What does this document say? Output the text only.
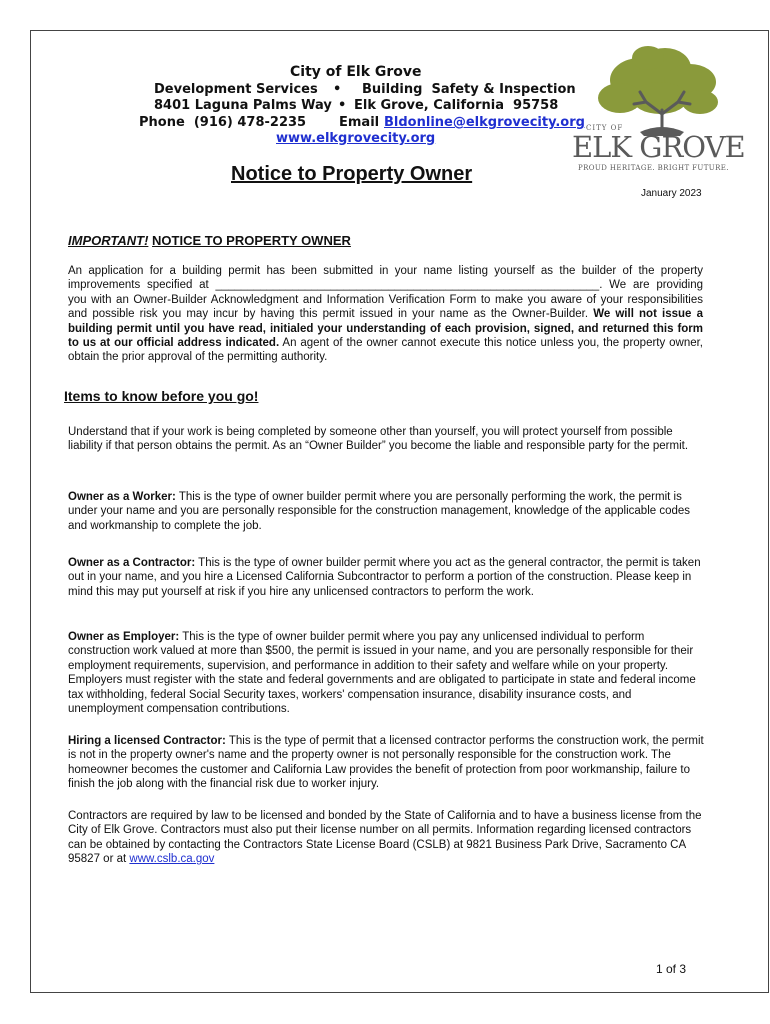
City of Elk Grove
Development Services • Building  Safety & Inspection
8401 Laguna Palms Way • Elk Grove, California  95758
Phone  (916) 478-2235	Email Bldonline@elkgrovecity.org
www.elkgrovecity.org
CITY OF
ELK GROVE
PROUD HERITAGE. BRIGHT FUTURE.
Notice to Property Owner
January 2023
IMPORTANT! NOTICE TO PROPERTY OWNER
An application for a building permit has been submitted in your name listing yourself as the builder of the property improvements specified at ____________________________________________________________. We are providing you with an Owner-Builder Acknowledgment and Information Verification Form to make you aware of your responsibilities and possible risk you may incur by having this permit issued in your name as the Owner-Builder. We will not issue a building permit until you have read, initialed your understanding of each provision, signed, and returned this form to us at our official address indicated. An agent of the owner cannot execute this notice unless you, the property owner, obtain the prior approval of the permitting authority.
Items to know before you go!
Understand that if your work is being completed by someone other than yourself, you will protect yourself from possible liability if that person obtains the permit. As an “Owner Builder” you become the liable and responsible party for the permit.
Owner as a Worker: This is the type of owner builder permit where you are personally performing the work, the permit is under your name and you are personally responsible for the construction management, knowledge of the applicable codes and workmanship to complete the job.
Owner as a Contractor: This is the type of owner builder permit where you act as the general contractor, the permit is taken out in your name, and you hire a Licensed California Subcontractor to perform a portion of the construction. Please keep in mind this may put yourself at risk if you hire any unlicensed contractors to perform the work.
Owner as Employer: This is the type of owner builder permit where you pay any unlicensed individual to perform construction work valued at more than $500, the permit is issued in your name, and you are personally responsible for their employment requirements, supervision, and performance in addition to their safety and welfare while on your property. Employers must register with the state and federal governments and are obligated to participate in state and federal income tax withholding, federal Social Security taxes, workers' compensation insurance, disability insurance costs, and unemployment compensation contributions.
Hiring a licensed Contractor: This is the type of permit that a licensed contractor performs the construction work, the permit is not in the property owner's name and the property owner is not personally responsible for the construction work. The homeowner becomes the customer and California Law provides the benefit of protection from poor workmanship, failure to finish the job along with the financial risk due to worker injury.
Contractors are required by law to be licensed and bonded by the State of California and to have a business license from the City of Elk Grove. Contractors must also put their license number on all permits. Information regarding licensed contractors can be obtained by contacting the Contractors State License Board (CSLB) at 9821 Business Park Drive, Sacramento CA 95827 or at www.cslb.ca.gov
1 of 3
